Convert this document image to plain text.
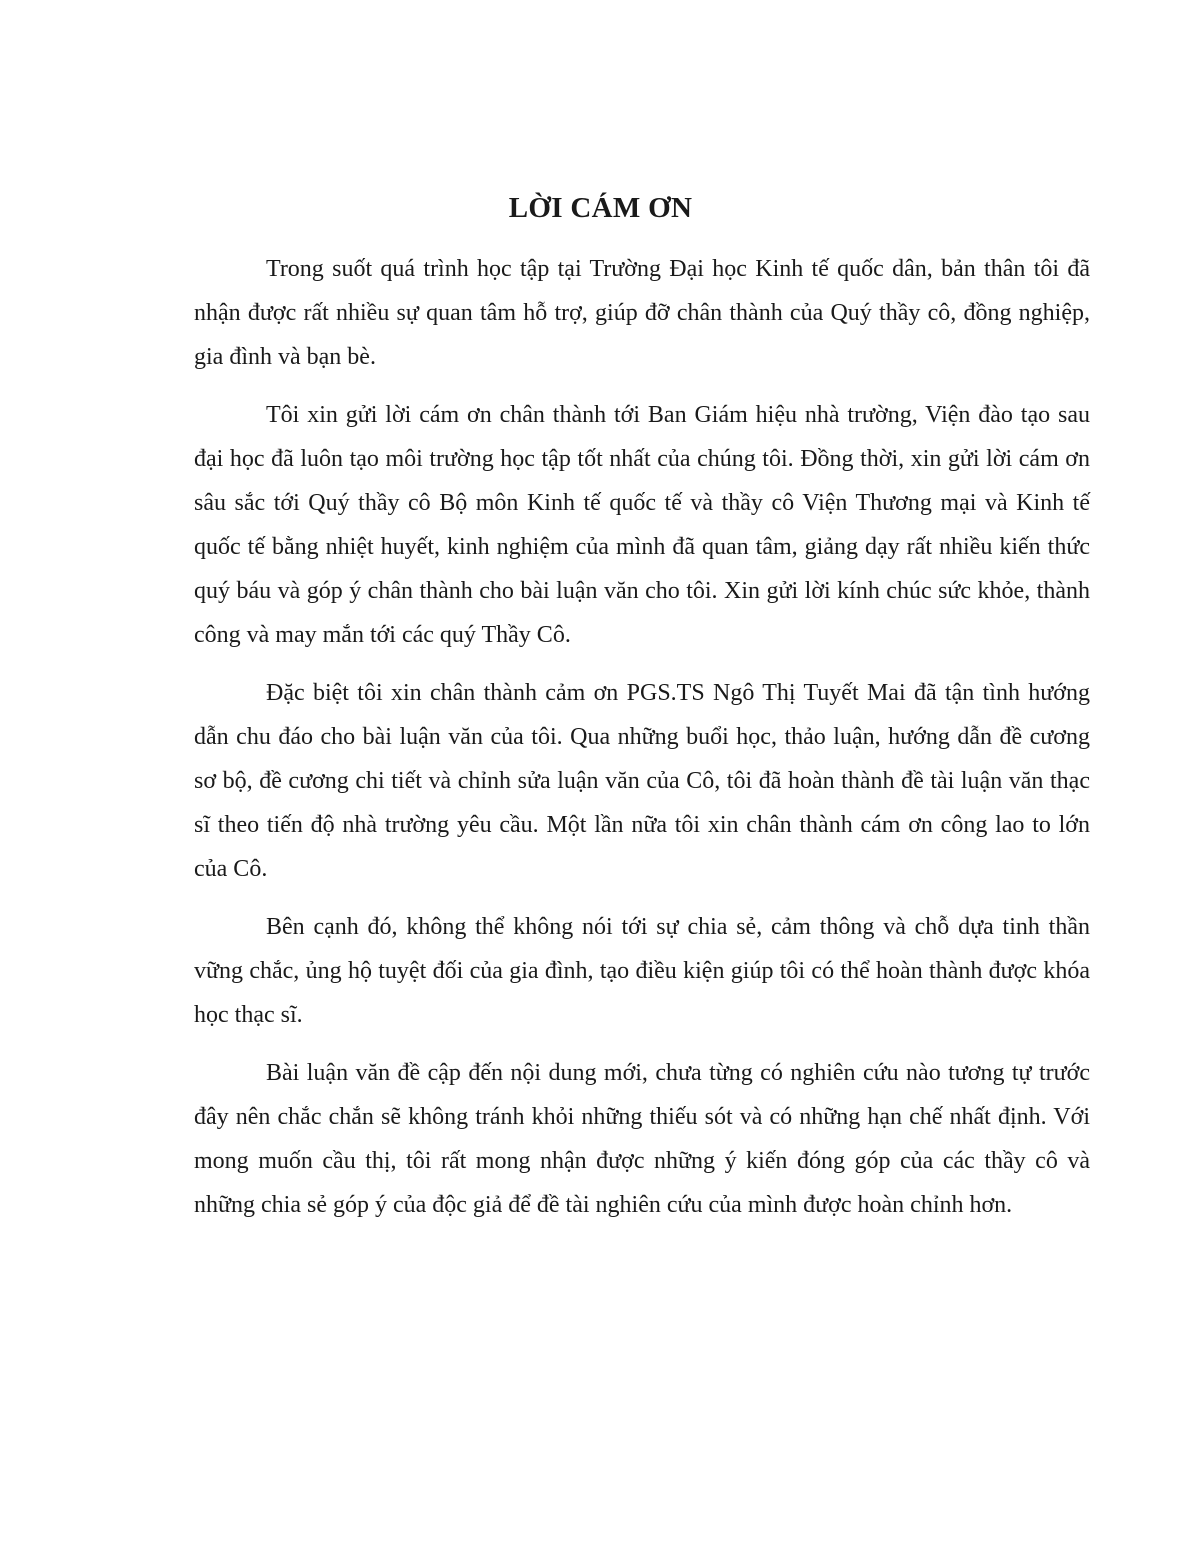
LỜI CÁM ƠN

Trong suốt quá trình học tập tại Trường Đại học Kinh tế quốc dân, bản thân tôi đã nhận được rất nhiều sự quan tâm hỗ trợ, giúp đỡ chân thành của Quý thầy cô, đồng nghiệp, gia đình và bạn bè.

Tôi xin gửi lời cám ơn chân thành tới Ban Giám hiệu nhà trường, Viện đào tạo sau đại học đã luôn tạo môi trường học tập tốt nhất của chúng tôi. Đồng thời, xin gửi lời cám ơn sâu sắc tới Quý thầy cô Bộ môn Kinh tế quốc tế và thầy cô Viện Thương mại và Kinh tế quốc tế bằng nhiệt huyết, kinh nghiệm của mình đã quan tâm, giảng dạy rất nhiều kiến thức quý báu và góp ý chân thành cho bài luận văn cho tôi. Xin gửi lời kính chúc sức khỏe, thành công và may mắn tới các quý Thầy Cô.

Đặc biệt tôi xin chân thành cảm ơn PGS.TS Ngô Thị Tuyết Mai đã tận tình hướng dẫn chu đáo cho bài luận văn của tôi. Qua những buổi học, thảo luận, hướng dẫn đề cương sơ bộ, đề cương chi tiết và chỉnh sửa luận văn của Cô, tôi đã hoàn thành đề tài luận văn thạc sĩ theo tiến độ nhà trường yêu cầu. Một lần nữa tôi xin chân thành cám ơn công lao to lớn của Cô.

Bên cạnh đó, không thể không nói tới sự chia sẻ, cảm thông và chỗ dựa tinh thần vững chắc, ủng hộ tuyệt đối của gia đình, tạo điều kiện giúp tôi có thể hoàn thành được khóa học thạc sĩ.

Bài luận văn đề cập đến nội dung mới, chưa từng có nghiên cứu nào tương tự trước đây nên chắc chắn sẽ không tránh khỏi những thiếu sót và có những hạn chế nhất định. Với mong muốn cầu thị, tôi rất mong nhận được những ý kiến đóng góp của các thầy cô và những chia sẻ góp ý của độc giả để đề tài nghiên cứu của mình được hoàn chỉnh hơn.
